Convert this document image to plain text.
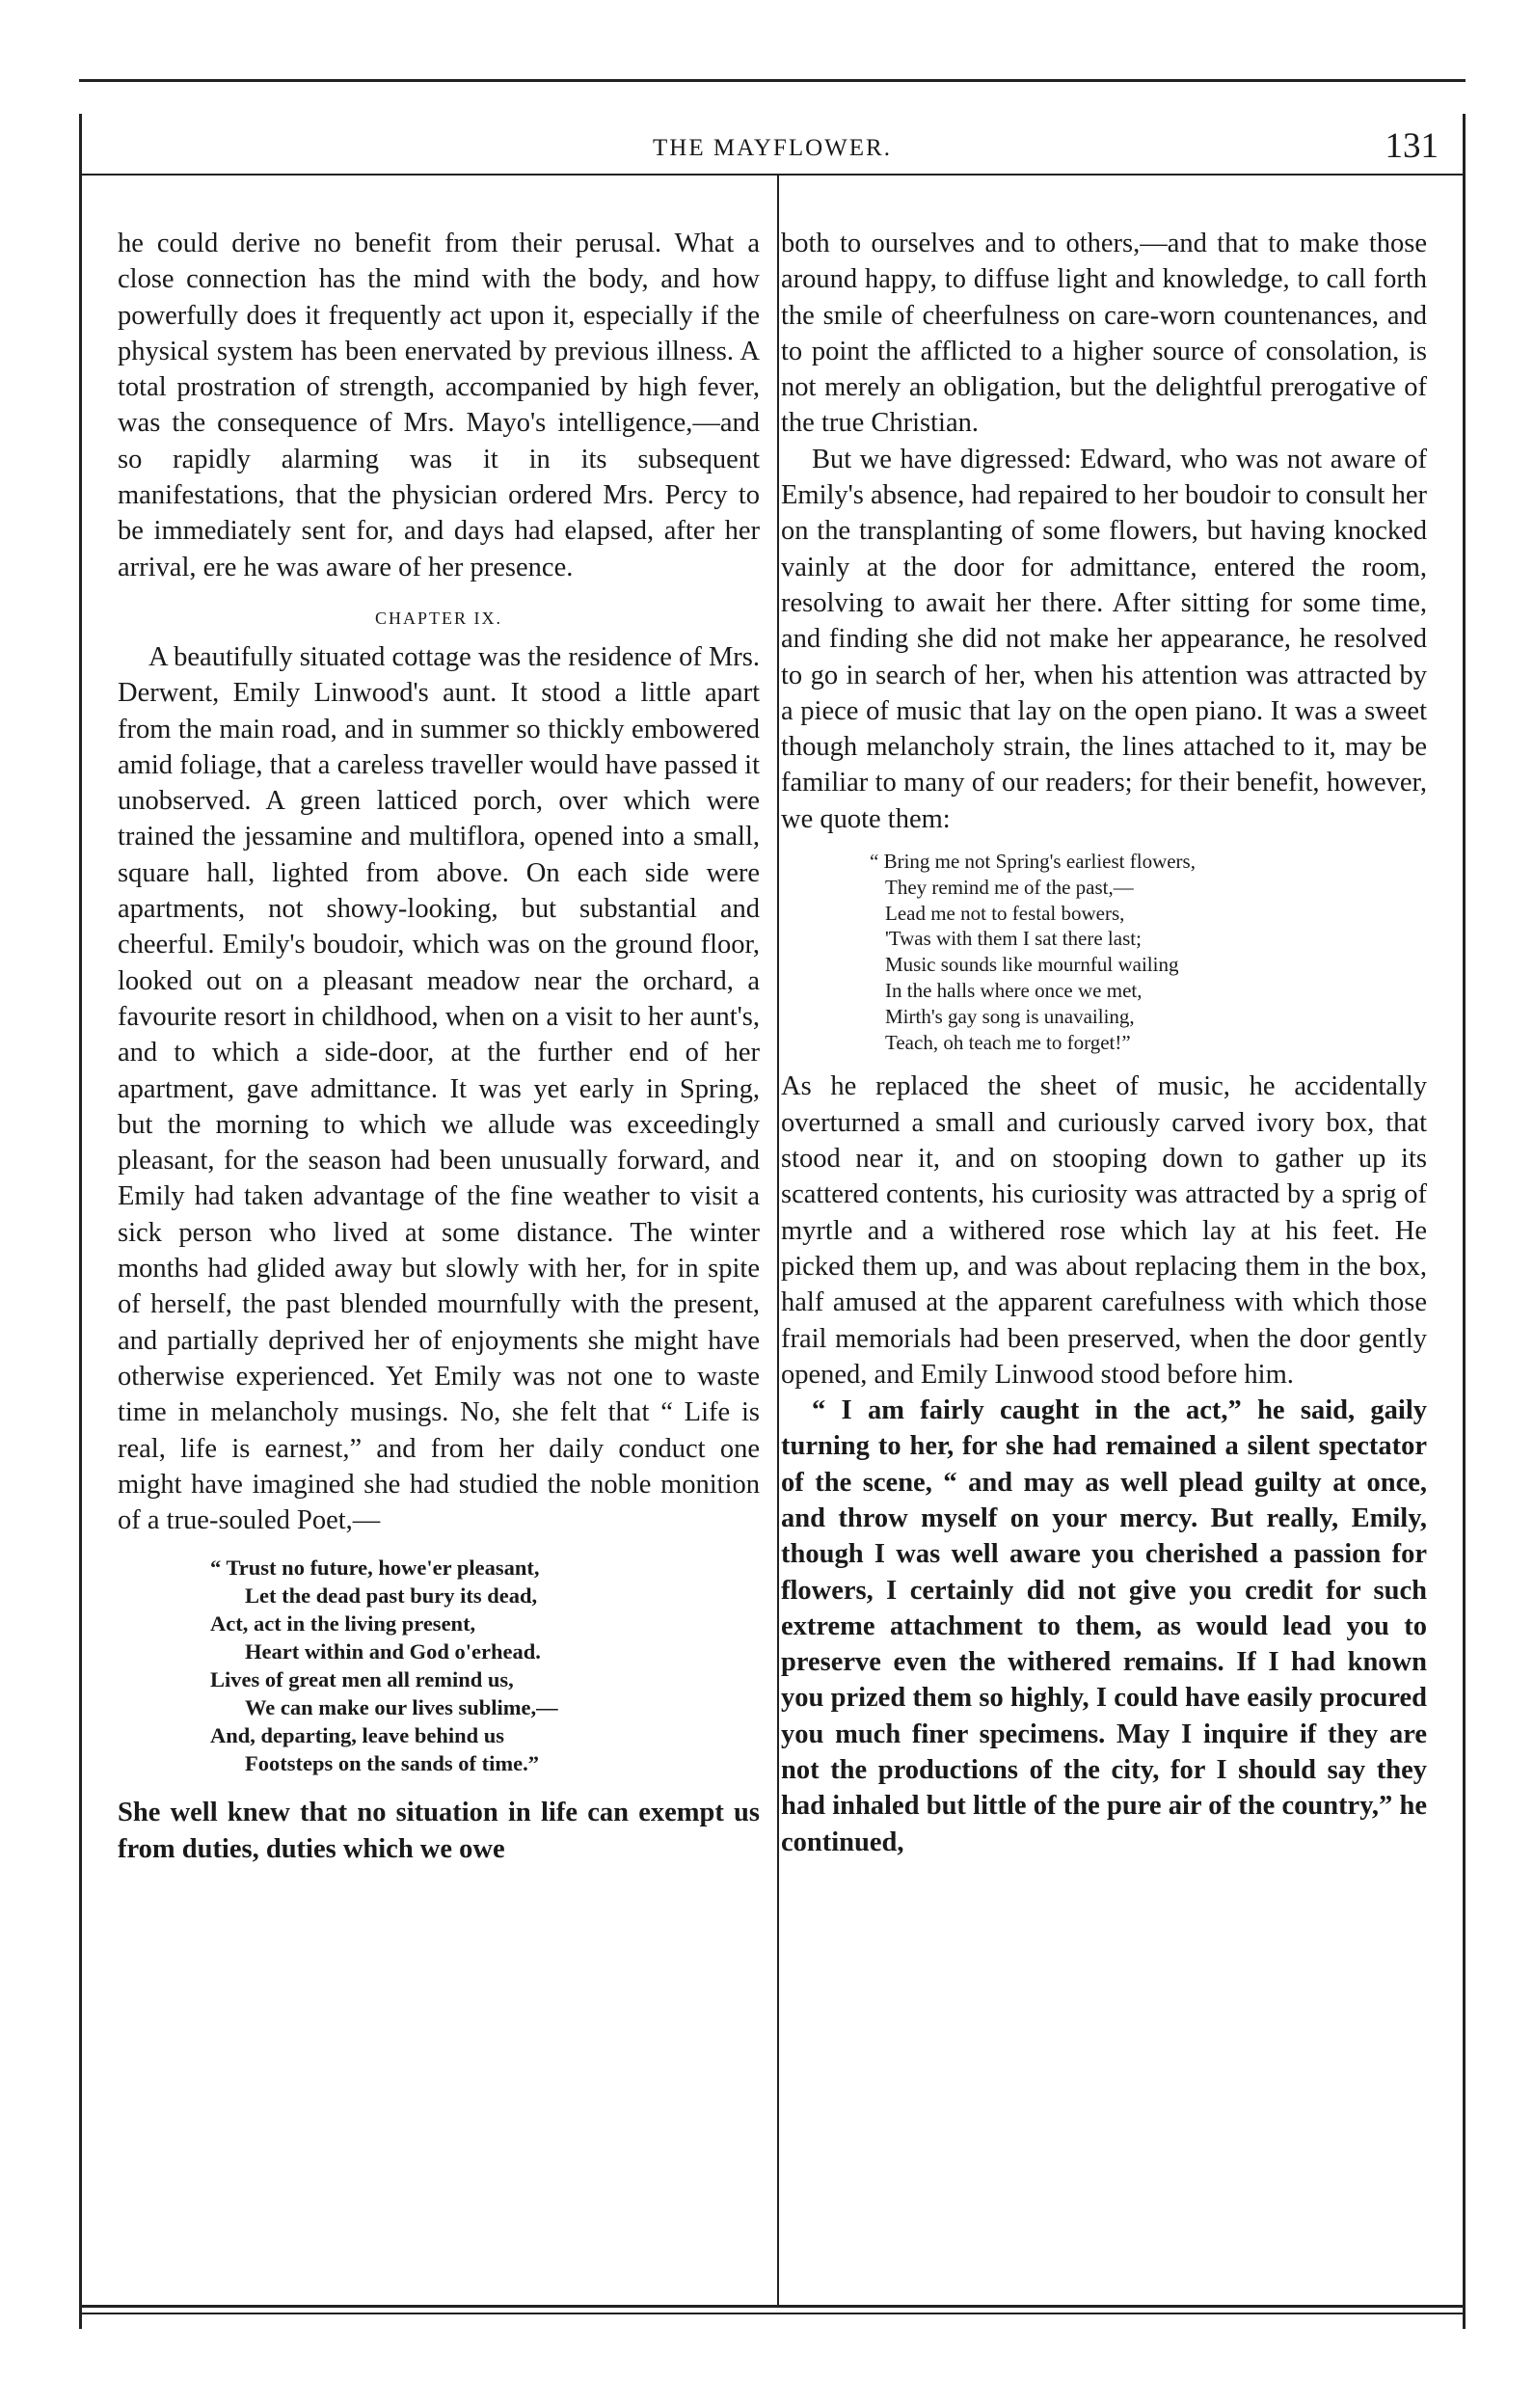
THE MAYFLOWER.	131

he could derive no benefit from their perusal. What a close connection has the mind with the body, and how powerfully does it frequently act upon it, especially if the physical system has been enervated by previous illness. A total prostration of strength, accompanied by high fever, was the consequence of Mrs. Mayo's intelligence,—and so rapidly alarming was it in its subsequent manifestations, that the physician ordered Mrs. Percy to be immediately sent for, and days had elapsed, after her arrival, ere he was aware of her presence.

CHAPTER IX.

A beautifully situated cottage was the residence of Mrs. Derwent, Emily Linwood's aunt. It stood a little apart from the main road, and in summer so thickly embowered amid foliage, that a careless traveller would have passed it unobserved. A green latticed porch, over which were trained the jessamine and multiflora, opened into a small, square hall, lighted from above. On each side were apartments, not showy-looking, but substantial and cheerful. Emily's boudoir, which was on the ground floor, looked out on a pleasant meadow near the orchard, a favourite resort in childhood, when on a visit to her aunt's, and to which a side-door, at the further end of her apartment, gave admittance. It was yet early in Spring, but the morning to which we allude was exceedingly pleasant, for the season had been unusually forward, and Emily had taken advantage of the fine weather to visit a sick person who lived at some distance. The winter months had glided away but slowly with her, for in spite of herself, the past blended mournfully with the present, and partially deprived her of enjoyments she might have otherwise experienced. Yet Emily was not one to waste time in melancholy musings. No, she felt that “ Life is real, life is earnest,” and from her daily conduct one might have imagined she had studied the noble monition of a true-souled Poet,—

“ Trust no future, howe'er pleasant,
Let the dead past bury its dead,
Act, act in the living present,
Heart within and God o'erhead.
Lives of great men all remind us,
We can make our lives sublime,—
And, departing, leave behind us
Footsteps on the sands of time.”

She well knew that no situation in life can exempt us from duties, duties which we owe

both to ourselves and to others,—and that to make those around happy, to diffuse light and knowledge, to call forth the smile of cheerfulness on care-worn countenances, and to point the afflicted to a higher source of consolation, is not merely an obligation, but the delightful prerogative of the true Christian.

But we have digressed: Edward, who was not aware of Emily's absence, had repaired to her boudoir to consult her on the transplanting of some flowers, but having knocked vainly at the door for admittance, entered the room, resolving to await her there. After sitting for some time, and finding she did not make her appearance, he resolved to go in search of her, when his attention was attracted by a piece of music that lay on the open piano. It was a sweet though melancholy strain, the lines attached to it, may be familiar to many of our readers; for their benefit, however, we quote them:

“ Bring me not Spring's earliest flowers,
They remind me of the past,—
Lead me not to festal bowers,
'Twas with them I sat there last;
Music sounds like mournful wailing
In the halls where once we met,
Mirth's gay song is unavailing,
Teach, oh teach me to forget!”

As he replaced the sheet of music, he accidentally overturned a small and curiously carved ivory box, that stood near it, and on stooping down to gather up its scattered contents, his curiosity was attracted by a sprig of myrtle and a withered rose which lay at his feet. He picked them up, and was about replacing them in the box, half amused at the apparent carefulness with which those frail memorials had been preserved, when the door gently opened, and Emily Linwood stood before him.

“ I am fairly caught in the act,” he said, gaily turning to her, for she had remained a silent spectator of the scene, “ and may as well plead guilty at once, and throw myself on your mercy. But really, Emily, though I was well aware you cherished a passion for flowers, I certainly did not give you credit for such extreme attachment to them, as would lead you to preserve even the withered remains. If I had known you prized them so highly, I could have easily procured you much finer specimens. May I inquire if they are not the productions of the city, for I should say they had inhaled but little of the pure air of the country,” he continued,
